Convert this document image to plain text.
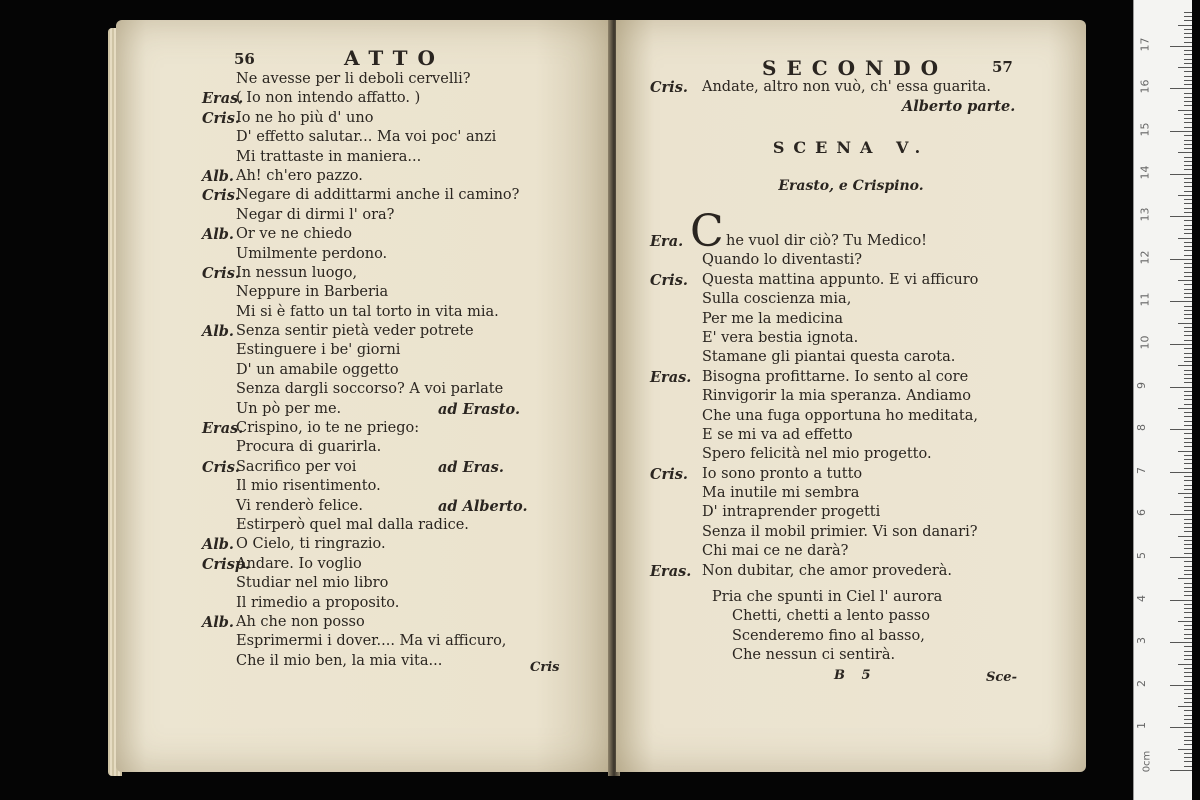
56	ATTO
Ne avesse per li deboli cervelli?
Eras.
( Io non intendo affatto. )
Cris.
Io ne ho più d' uno
D' effetto salutar... Ma voi poc' anzi
Mi trattaste in maniera...
Alb. Ah! ch'ero pazzo.
Cris.
Negare di addittarmi anche il camino?
Negar di dirmi l' ora?
Alb. Or ve ne chiedo
Umilmente perdono.
Cris.
In nessun luogo,
Neppure in Barberia
Mi si è fatto un tal torto in vita mia.
Alb. Senza sentir pietà veder potrete
Estinguere i be' giorni
D' un amabile oggetto
Senza dargli soccorso? A voi parlate
Un pò per me.	ad Erasto.
Eras.
Crispino, io te ne priego:
Procura di guarirla.
Cris.
Sacrifico per voi	ad Eras.
Il mio risentimento.
Vi renderò felice.	ad Alberto.
Estirperò quel mal dalla radice.
Alb. O Cielo, ti ringrazio.
Crisp.
Andare. Io voglio
Studiar nel mio libro
Il rimedio a proposito.
Alb. Ah che non posso
Esprimermi i dover.... Ma vi afficuro,
Che il mio ben, la mia vita...	Cris
SECONDO	57
Cris. Andate, altro non vuò, ch' essa guarita.
Alberto parte.
SCENA V.
Erasto, e Crispino.
Era. C he vuol dir ciò? Tu Medico!
Quando lo diventasti?
Cris. Questa mattina appunto. E vi afficuro
Sulla coscienza mia,
Per me la medicina
E' vera bestia ignota.
Stamane gli piantai questa carota.
Eras. Bisogna profittarne. Io sento al core
Rinvigorir la mia speranza. Andiamo
Che una fuga opportuna ho meditata,
E se mi va ad effetto
Spero felicità nel mio progetto.
Cris. Io sono pronto a tutto
Ma inutile mi sembra
D' intraprender progetti
Senza il mobil primier. Vi son danari?
Chi mai ce ne darà?
Eras. Non dubitar, che amor provederà.
Pria che spunti in Ciel l' aurora
Chetti, chetti a lento passo
Scenderemo fino al basso,
Che nessun ci sentirà.
B 5	Sce-
0cm
1
2
3
4
5
6
7
8
9
10
11
12
13
14
15
16
17
